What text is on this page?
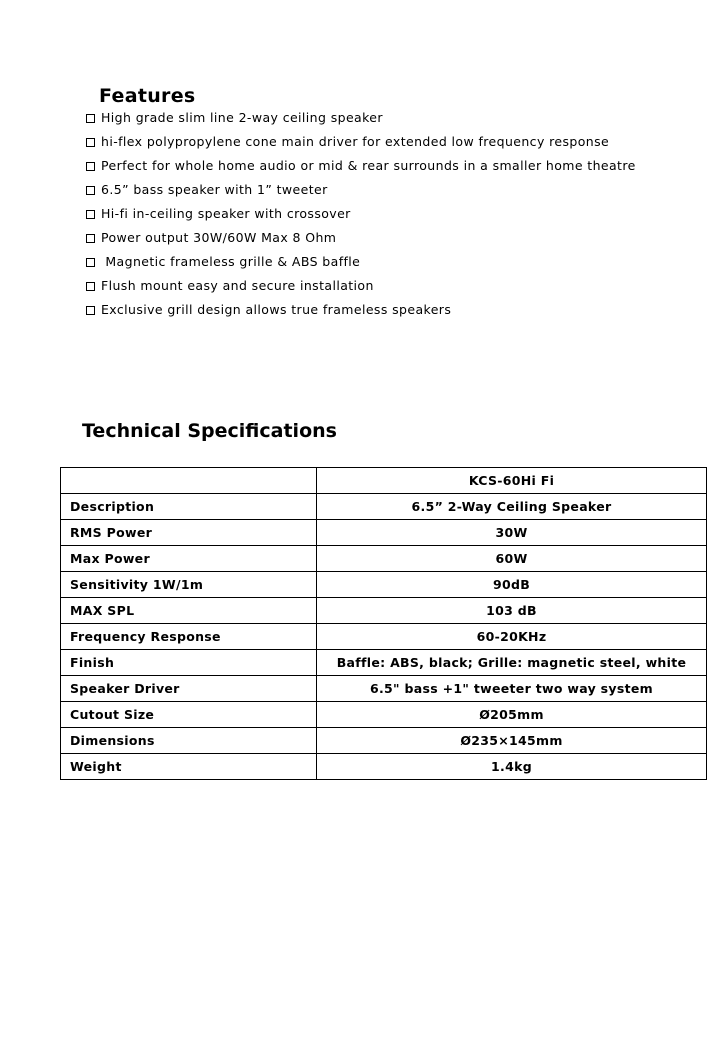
Features
High grade slim line 2-way ceiling speaker
hi-flex polypropylene cone main driver for extended low frequency response
Perfect for whole home audio or mid & rear surrounds in a smaller home theatre
6.5” bass speaker with 1” tweeter
Hi-fi in-ceiling speaker with crossover
Power output 30W/60W Max 8 Ohm
Magnetic frameless grille & ABS baffle
Flush mount easy and secure installation
Exclusive grill design allows true frameless speakers
Technical Specifications
	KCS-60Hi Fi
Description	6.5” 2-Way Ceiling Speaker
RMS Power	30W
Max Power	60W
Sensitivity 1W/1m	90dB
MAX SPL	103 dB
Frequency Response	60-20KHz
Finish	Baffle: ABS, black; Grille: magnetic steel, white
Speaker Driver	6.5" bass +1" tweeter two way system
Cutout Size	Ø205mm
Dimensions	Ø235×145mm
Weight	1.4kg
